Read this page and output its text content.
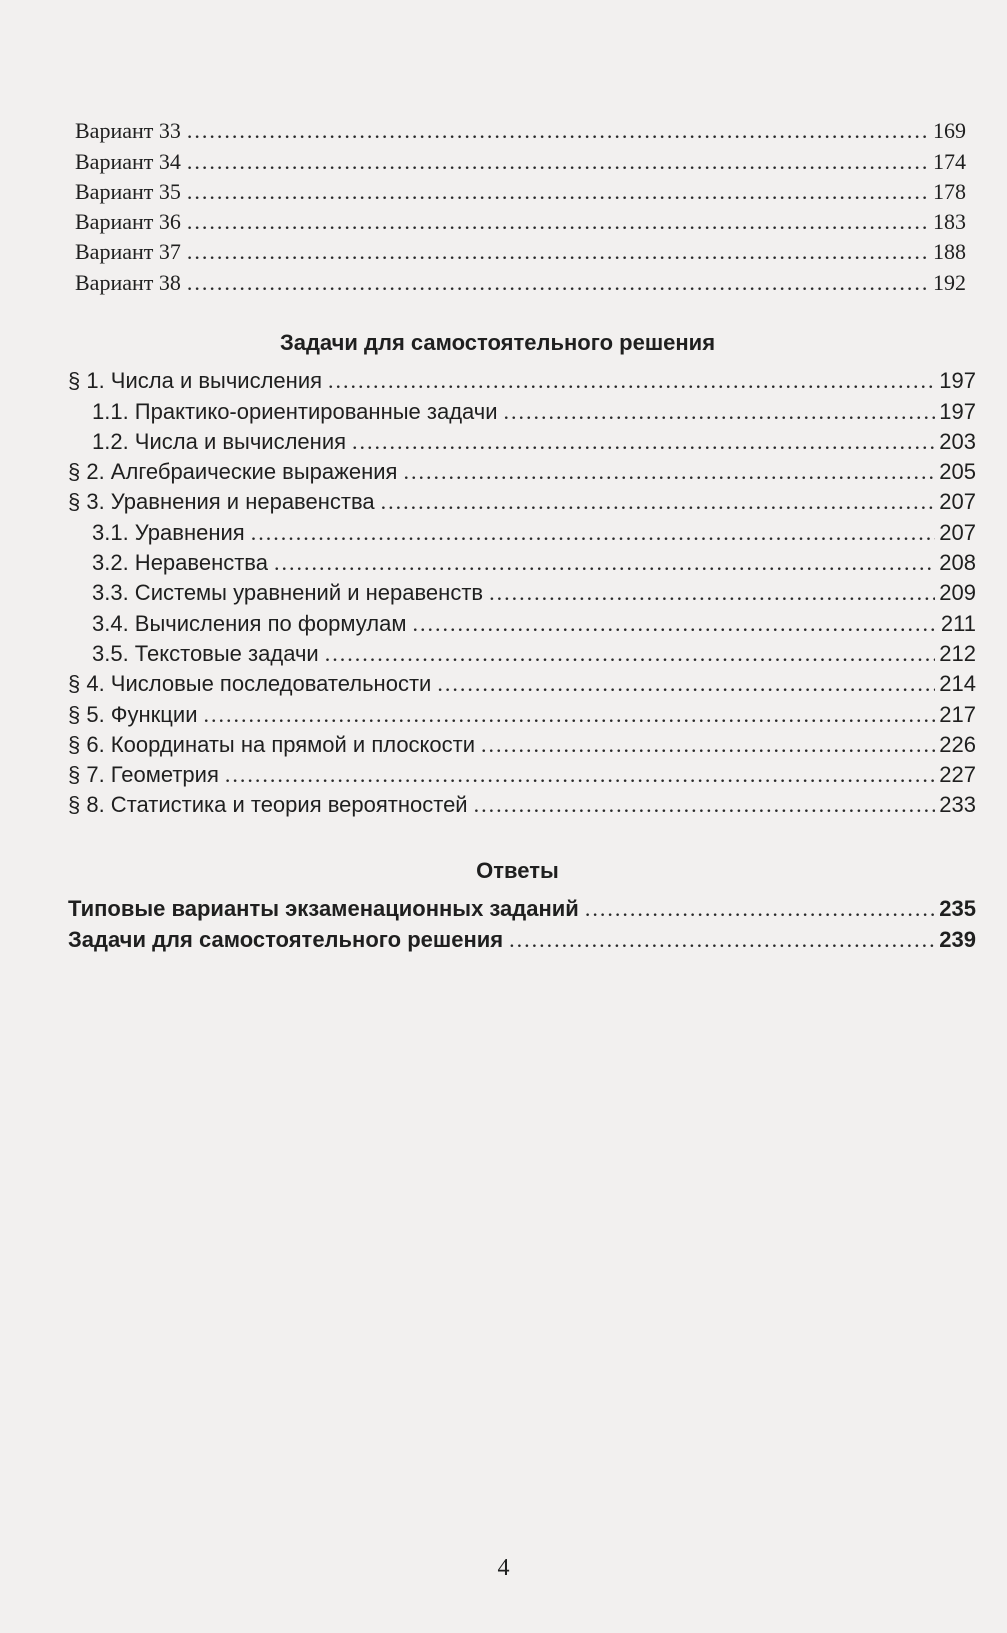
Вариант 33 .....	169
Вариант 34 .....	174
Вариант 35 .....	178
Вариант 36 .....	183
Вариант 37 .....	188
Вариант 38 .....	192
Задачи для самостоятельного решения
§ 1. Числа и вычисления .....	197
1.1. Практико-ориентированные задачи .....	197
1.2. Числа и вычисления .....	203
§ 2. Алгебраические выражения .....	205
§ 3. Уравнения и неравенства .....	207
3.1. Уравнения .....	207
3.2. Неравенства .....	208
3.3. Системы уравнений и неравенств .....	209
3.4. Вычисления по формулам .....	211
3.5. Текстовые задачи .....	212
§ 4. Числовые последовательности .....	214
§ 5. Функции .....	217
§ 6. Координаты на прямой и плоскости .....	226
§ 7. Геометрия .....	227
§ 8. Статистика и теория вероятностей .....	233
Ответы
Типовые варианты экзаменационных заданий .....	235
Задачи для самостоятельного решения .....	239
4
